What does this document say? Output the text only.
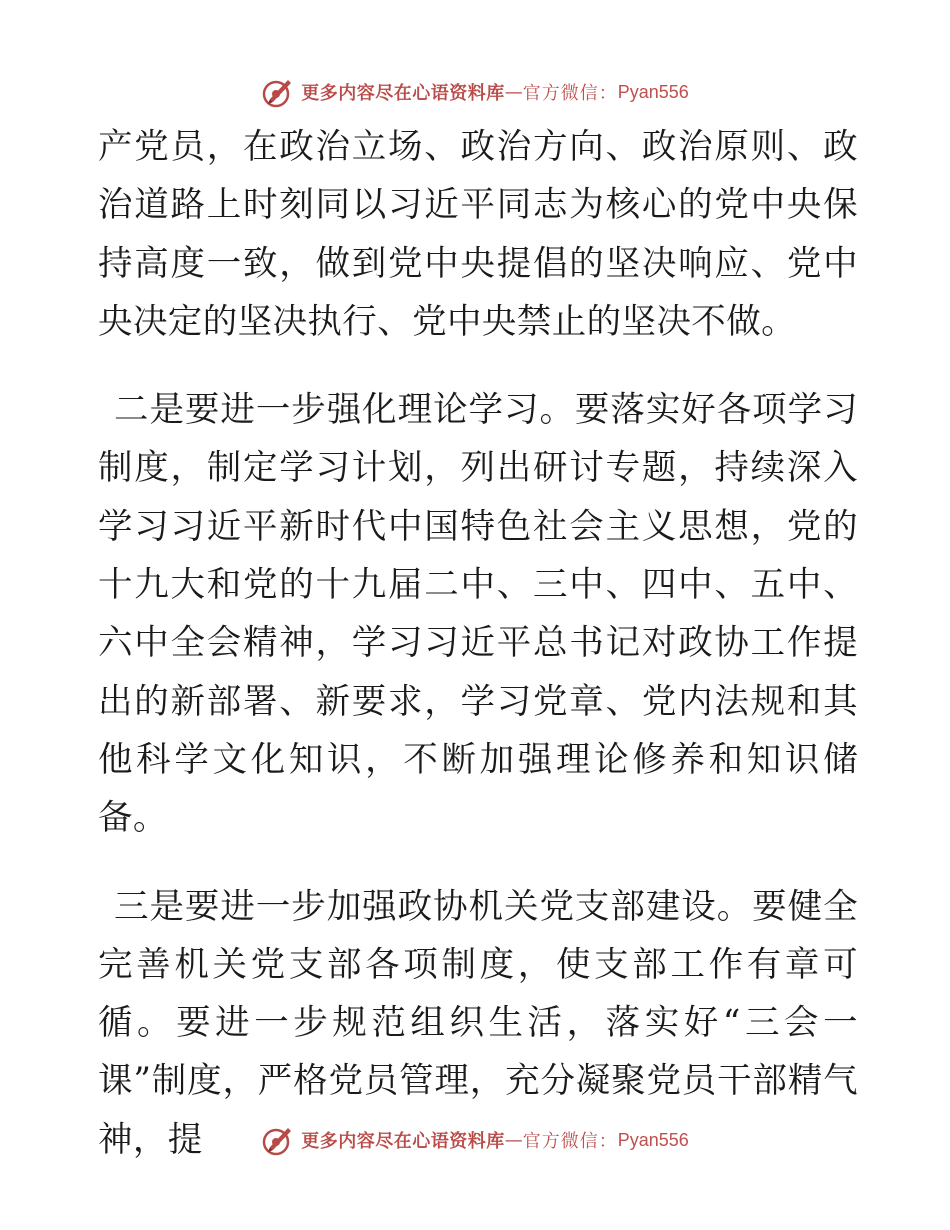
更多内容尽在心语资料库 — 官方微信： Pyan556

产党员，在政治立场、政治方向、政治原则、政治道路上时刻同以习近平同志为核心的党中央保持高度一致，做到党中央提倡的坚决响应、党中央决定的坚决执行、党中央禁止的坚决不做。

二是要进一步强化理论学习。要落实好各项学习制度，制定学习计划，列出研讨专题，持续深入学习习近平新时代中国特色社会主义思想，党的十九大和党的十九届二中、三中、四中、五中、六中全会精神，学习习近平总书记对政协工作提出的新部署、新要求，学习党章、党内法规和其他科学文化知识，不断加强理论修养和知识储备。

三是要进一步加强政协机关党支部建设。要健全完善机关党支部各项制度，使支部工作有章可循。要进一步规范组织生活，落实好“三会一课”制度，严格党员管理，充分凝聚党员干部精气神，提	更多内容尽在心语资料库 — 官方微信： Pyan556
